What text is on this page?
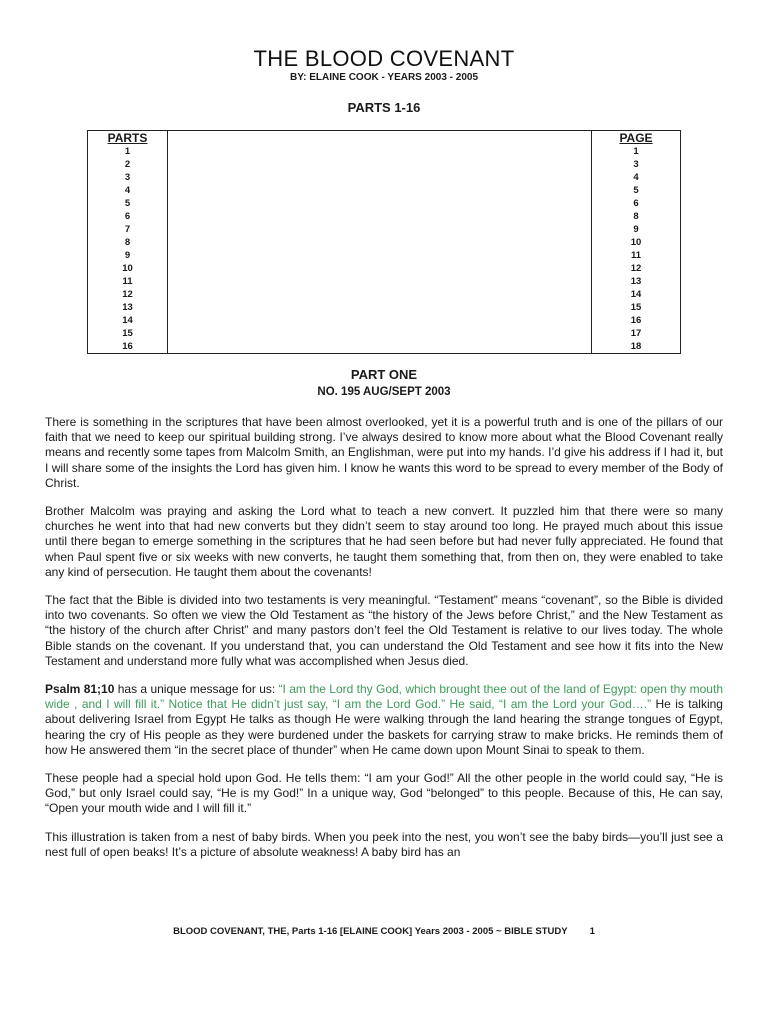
THE BLOOD COVENANT
BY: ELAINE COOK - YEARS 2003 - 2005
PARTS 1-16
PARTS		PAGE
1		1
2		3
3		4
4		5
5		6
6		8
7		9
8		10
9		11
10		12
11		13
12		14
13		15
14		16
15		17
16		18
PART ONE
NO. 195 AUG/SEPT 2003

There is something in the scriptures that have been almost overlooked, yet it is a powerful truth and is one of the pillars of our faith that we need to keep our spiritual building strong. I’ve always desired to know more about what the Blood Covenant really means and recently some tapes from Malcolm Smith, an Englishman, were put into my hands. I’d give his address if I had it, but I will share some of the insights the Lord has given him. I know he wants this word to be spread to every member of the Body of Christ.

Brother Malcolm was praying and asking the Lord what to teach a new convert. It puzzled him that there were so many churches he went into that had new converts but they didn’t seem to stay around too long. He prayed much about this issue until there began to emerge something in the scriptures that he had seen before but had never fully appreciated. He found that when Paul spent five or six weeks with new converts, he taught them something that, from then on, they were enabled to take any kind of persecution. He taught them about the covenants!

The fact that the Bible is divided into two testaments is very meaningful. “Testament” means “covenant”, so the Bible is divided into two covenants. So often we view the Old Testament as “the history of the Jews before Christ,” and the New Testament as “the history of the church after Christ” and many pastors don’t feel the Old Testament is relative to our lives today. The whole Bible stands on the covenant. If you understand that, you can understand the Old Testament and see how it fits into the New Testament and understand more fully what was accomplished when Jesus died.

Psalm 81;10 has a unique message for us: “I am the Lord thy God, which brought thee out of the land of Egypt: open thy mouth wide , and I will fill it.” Notice that He didn’t just say, “I am the Lord God.” He said, “I am the Lord your God….” He is talking about delivering Israel from Egypt He talks as though He were walking through the land hearing the strange tongues of Egypt, hearing the cry of His people as they were burdened under the baskets for carrying straw to make bricks. He reminds them of how He answered them “in the secret place of thunder” when He came down upon Mount Sinai to speak to them.

These people had a special hold upon God. He tells them: “I am your God!” All the other people in the world could say, “He is God,” but only Israel could say, “He is my God!” In a unique way, God “belonged” to this people. Because of this, He can say, “Open your mouth wide and I will fill it.”

This illustration is taken from a nest of baby birds. When you peek into the nest, you won’t see the baby birds—you’ll just see a nest full of open beaks! It’s a picture of absolute weakness! A baby bird has an

BLOOD COVENANT, THE, Parts 1-16 [ELAINE COOK] Years 2003 - 2005 ~ BIBLE STUDY 1
